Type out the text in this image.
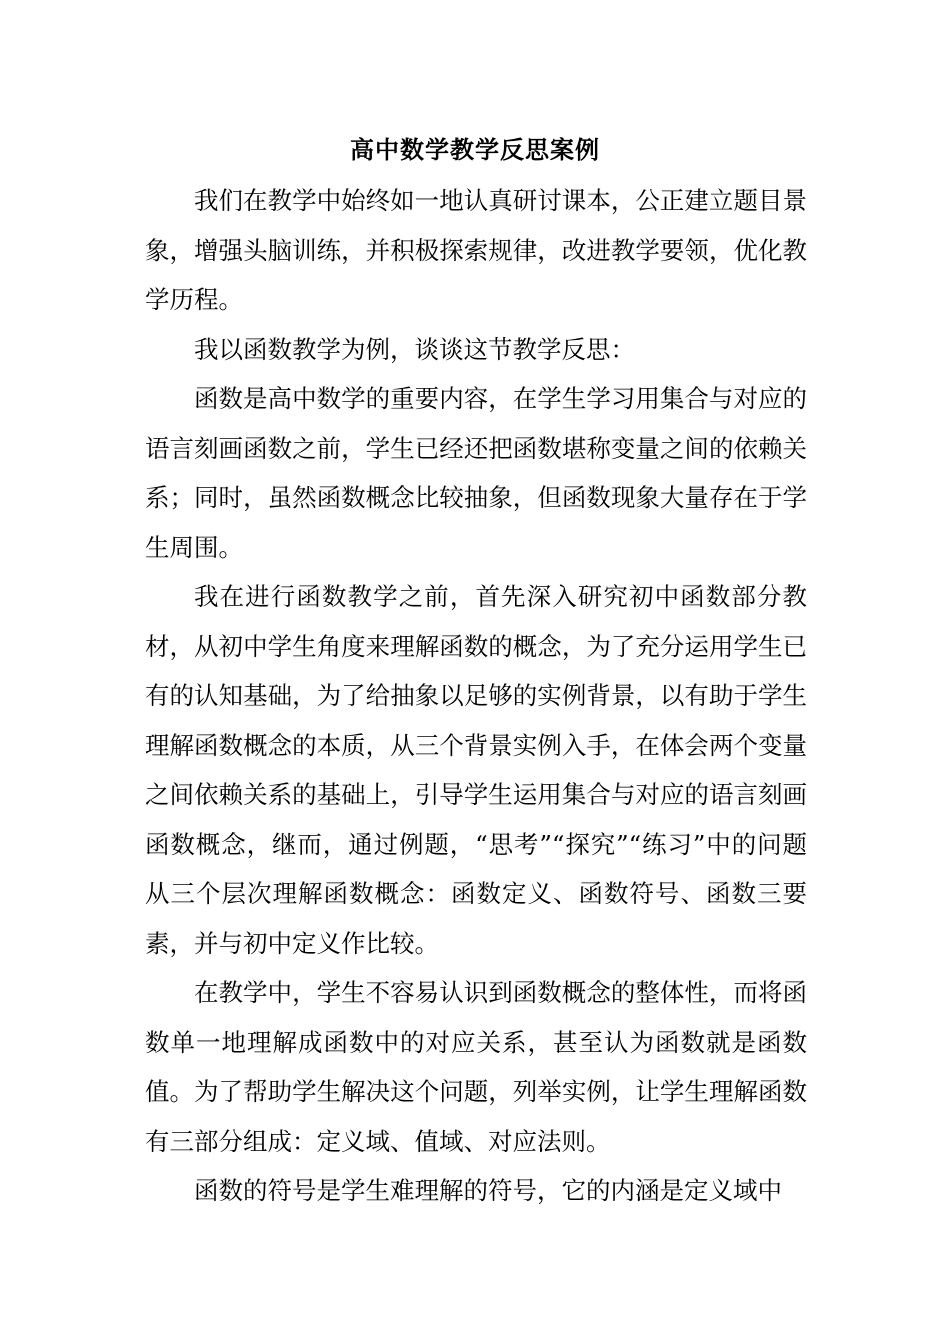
高中数学教学反思案例

我们在教学中始终如一地认真研讨课本，公正建立题目景象，增强头脑训练，并积极探索规律，改进教学要领，优化教学历程。

我以函数教学为例，谈谈这节教学反思：

函数是高中数学的重要内容，在学生学习用集合与对应的语言刻画函数之前，学生已经还把函数堪称变量之间的依赖关系；同时，虽然函数概念比较抽象，但函数现象大量存在于学生周围。

我在进行函数教学之前，首先深入研究初中函数部分教材，从初中学生角度来理解函数的概念，为了充分运用学生已有的认知基础，为了给抽象以足够的实例背景，以有助于学生理解函数概念的本质，从三个背景实例入手，在体会两个变量之间依赖关系的基础上，引导学生运用集合与对应的语言刻画函数概念，继而，通过例题，“思考”“探究”“练习”中的问题从三个层次理解函数概念：函数定义、函数符号、函数三要素，并与初中定义作比较。

在教学中，学生不容易认识到函数概念的整体性，而将函数单一地理解成函数中的对应关系，甚至认为函数就是函数值。为了帮助学生解决这个问题，列举实例，让学生理解函数有三部分组成：定义域、值域、对应法则。

函数的符号是学生难理解的符号，它的内涵是定义域中
